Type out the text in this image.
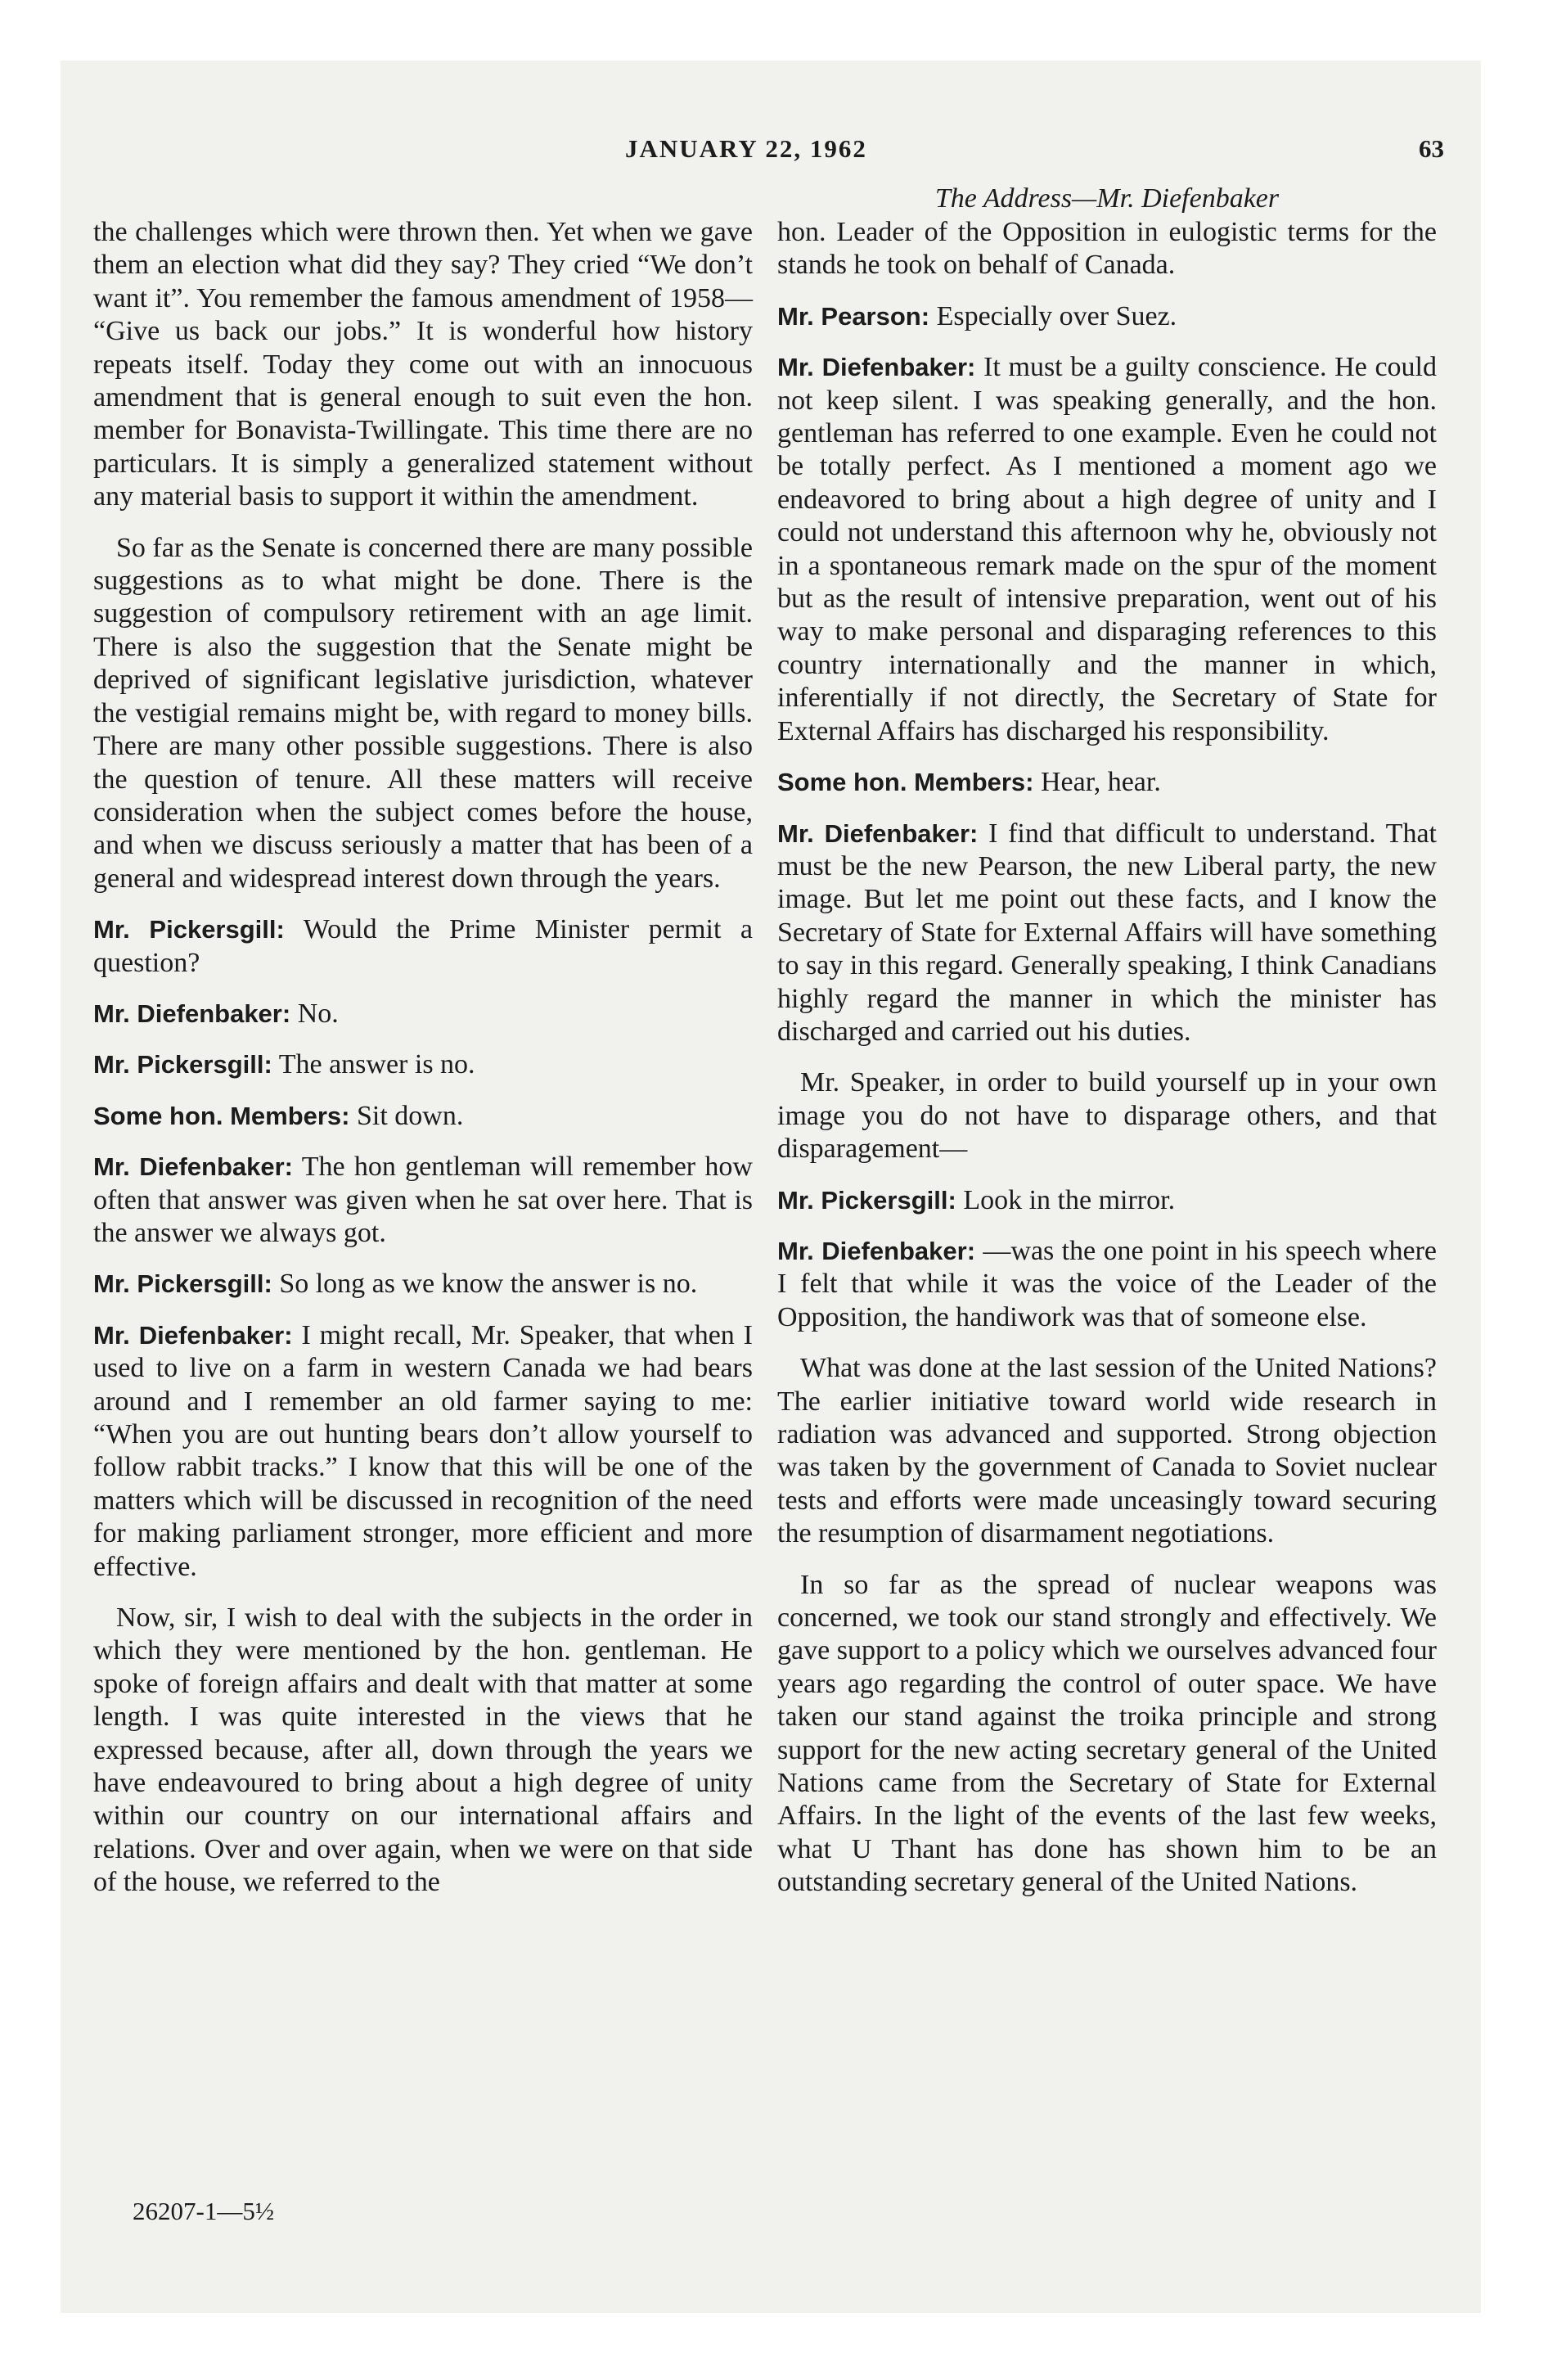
JANUARY 22, 1962	63
The Address—Mr. Diefenbaker

the challenges which were thrown then. Yet when we gave them an election what did they say? They cried “We don’t want it”. You remember the famous amendment of 1958— “Give us back our jobs.” It is wonderful how history repeats itself. Today they come out with an innocuous amendment that is general enough to suit even the hon. member for Bonavista-Twillingate. This time there are no particulars. It is simply a generalized statement without any material basis to support it within the amendment.

So far as the Senate is concerned there are many possible suggestions as to what might be done. There is the suggestion of compulsory retirement with an age limit. There is also the suggestion that the Senate might be deprived of significant legislative jurisdiction, whatever the vestigial remains might be, with regard to money bills. There are many other possible suggestions. There is also the question of tenure. All these matters will receive consideration when the subject comes before the house, and when we discuss seriously a matter that has been of a general and widespread interest down through the years.

Mr. Pickersgill: Would the Prime Minister permit a question?

Mr. Diefenbaker: No.

Mr. Pickersgill: The answer is no.

Some hon. Members: Sit down.

Mr. Diefenbaker: The hon gentleman will remember how often that answer was given when he sat over here. That is the answer we always got.

Mr. Pickersgill: So long as we know the answer is no.

Mr. Diefenbaker: I might recall, Mr. Speaker, that when I used to live on a farm in western Canada we had bears around and I remember an old farmer saying to me: “When you are out hunting bears don’t allow yourself to follow rabbit tracks.” I know that this will be one of the matters which will be discussed in recognition of the need for making parliament stronger, more efficient and more effective.

Now, sir, I wish to deal with the subjects in the order in which they were mentioned by the hon. gentleman. He spoke of foreign affairs and dealt with that matter at some length. I was quite interested in the views that he expressed because, after all, down through the years we have endeavoured to bring about a high degree of unity within our country on our international affairs and relations. Over and over again, when we were on that side of the house, we referred to the

hon. Leader of the Opposition in eulogistic terms for the stands he took on behalf of Canada.

Mr. Pearson: Especially over Suez.

Mr. Diefenbaker: It must be a guilty conscience. He could not keep silent. I was speaking generally, and the hon. gentleman has referred to one example. Even he could not be totally perfect. As I mentioned a moment ago we endeavored to bring about a high degree of unity and I could not understand this afternoon why he, obviously not in a spontaneous remark made on the spur of the moment but as the result of intensive preparation, went out of his way to make personal and disparaging references to this country internationally and the manner in which, inferentially if not directly, the Secretary of State for External Affairs has discharged his responsibility.

Some hon. Members: Hear, hear.

Mr. Diefenbaker: I find that difficult to understand. That must be the new Pearson, the new Liberal party, the new image. But let me point out these facts, and I know the Secretary of State for External Affairs will have something to say in this regard. Generally speaking, I think Canadians highly regard the manner in which the minister has discharged and carried out his duties.

Mr. Speaker, in order to build yourself up in your own image you do not have to disparage others, and that disparagement—

Mr. Pickersgill: Look in the mirror.

Mr. Diefenbaker: —was the one point in his speech where I felt that while it was the voice of the Leader of the Opposition, the handiwork was that of someone else.

What was done at the last session of the United Nations? The earlier initiative toward world wide research in radiation was advanced and supported. Strong objection was taken by the government of Canada to Soviet nuclear tests and efforts were made unceasingly toward securing the resumption of disarmament negotiations.

In so far as the spread of nuclear weapons was concerned, we took our stand strongly and effectively. We gave support to a policy which we ourselves advanced four years ago regarding the control of outer space. We have taken our stand against the troika principle and strong support for the new acting secretary general of the United Nations came from the Secretary of State for External Affairs. In the light of the events of the last few weeks, what U Thant has done has shown him to be an outstanding secretary general of the United Nations.

26207-1—5½
